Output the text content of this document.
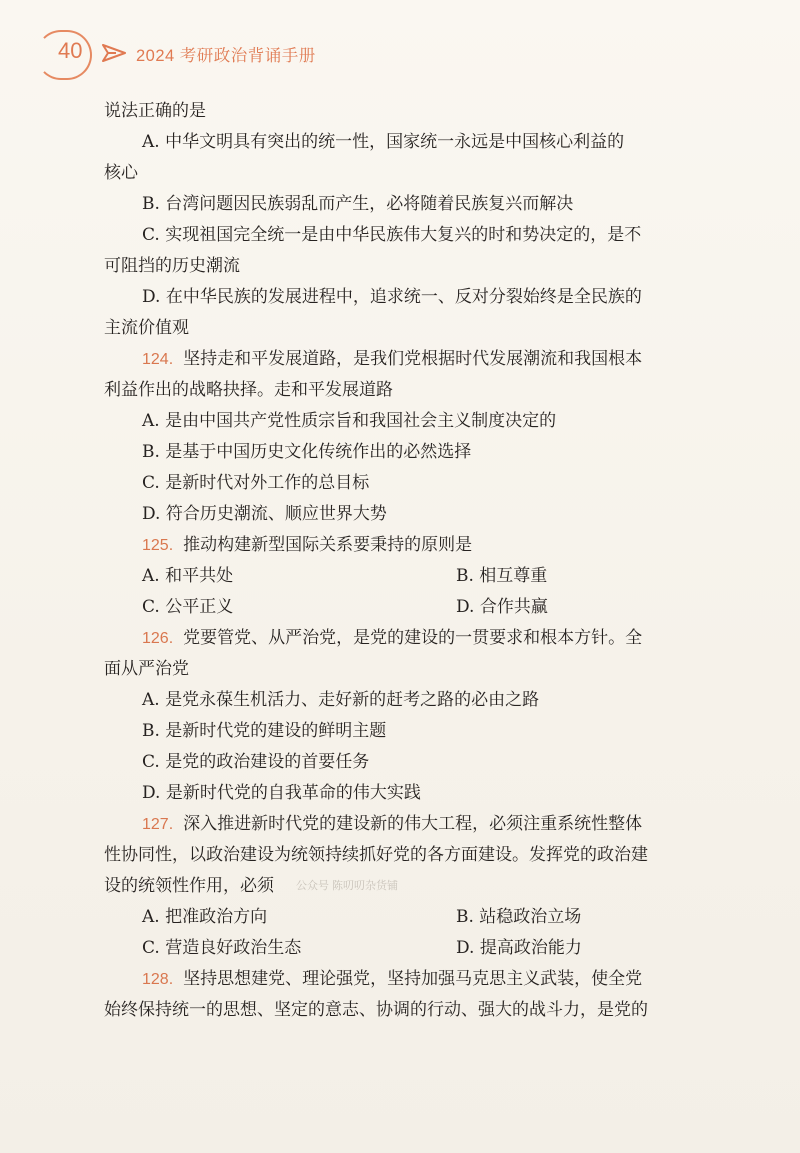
40	2024 考研政治背诵手册
说法正确的是
A. 中华文明具有突出的统一性，国家统一永远是中国核心利益的
核心
B. 台湾问题因民族弱乱而产生，必将随着民族复兴而解决
C. 实现祖国完全统一是由中华民族伟大复兴的时和势决定的，是不
可阻挡的历史潮流
D. 在中华民族的发展进程中，追求统一、反对分裂始终是全民族的
主流价值观
124. 坚持走和平发展道路，是我们党根据时代发展潮流和我国根本
利益作出的战略抉择。走和平发展道路
A. 是由中国共产党性质宗旨和我国社会主义制度决定的
B. 是基于中国历史文化传统作出的必然选择
C. 是新时代对外工作的总目标
D. 符合历史潮流、顺应世界大势
125. 推动构建新型国际关系要秉持的原则是
A. 和平共处	B. 相互尊重
C. 公平正义	D. 合作共赢
126. 党要管党、从严治党，是党的建设的一贯要求和根本方针。全
面从严治党
A. 是党永葆生机活力、走好新的赶考之路的必由之路
B. 是新时代党的建设的鲜明主题
C. 是党的政治建设的首要任务
D. 是新时代党的自我革命的伟大实践
127. 深入推进新时代党的建设新的伟大工程，必须注重系统性整体
性协同性，以政治建设为统领持续抓好党的各方面建设。发挥党的政治建
设的统领性作用，必须 公众号 陈叨叨杂货铺
A. 把准政治方向	B. 站稳政治立场
C. 营造良好政治生态	D. 提高政治能力
128. 坚持思想建党、理论强党，坚持加强马克思主义武装，使全党
始终保持统一的思想、坚定的意志、协调的行动、强大的战斗力，是党的
